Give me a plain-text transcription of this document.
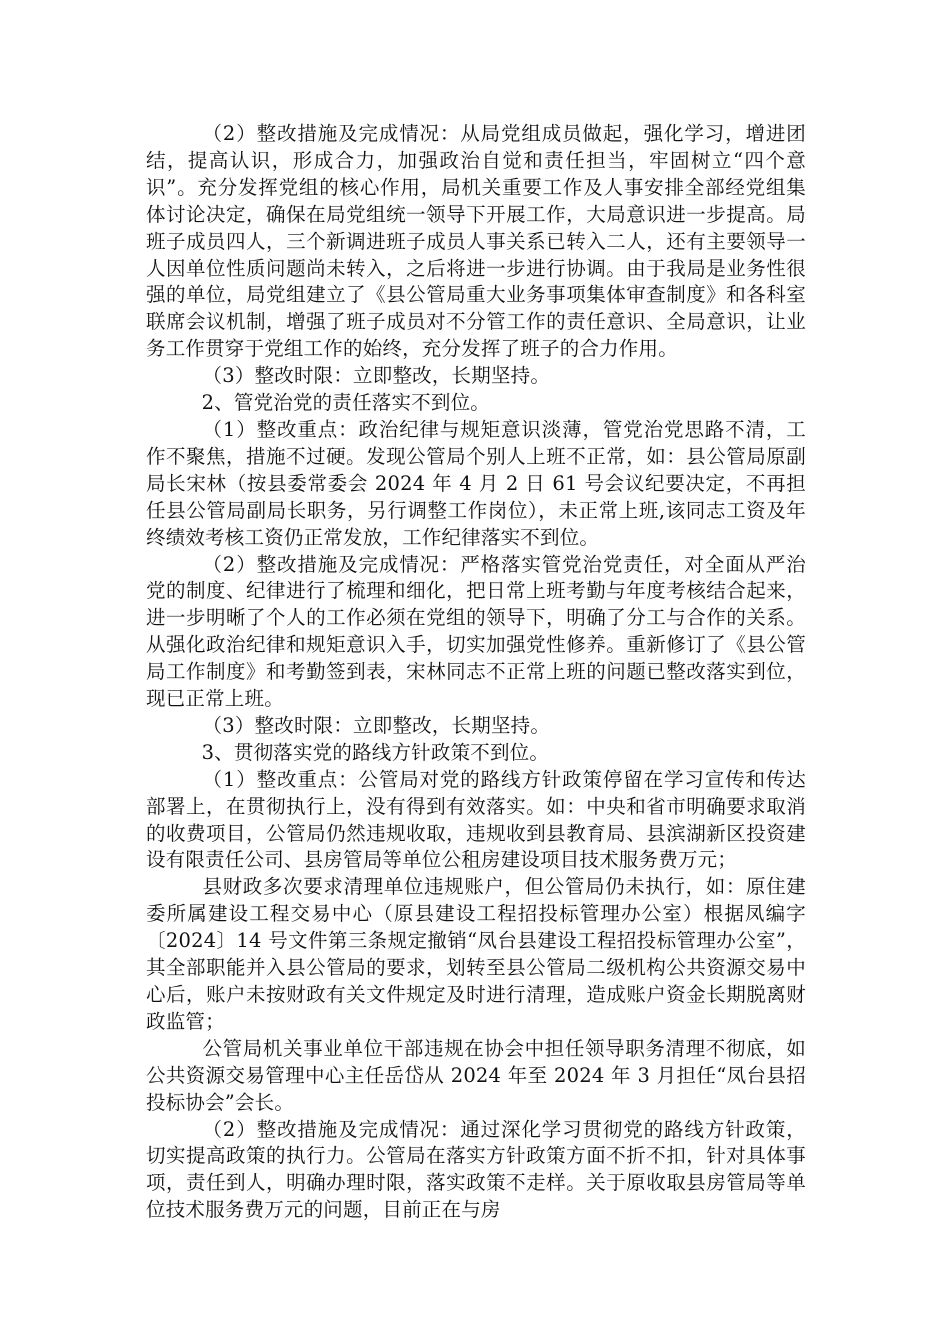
（2）整改措施及完成情况：从局党组成员做起，强化学习，增进团结，提高认识，形成合力，加强政治自觉和责任担当，牢固树立“四个意识”。充分发挥党组的核心作用，局机关重要工作及人事安排全部经党组集体讨论决定，确保在局党组统一领导下开展工作，大局意识进一步提高。局班子成员四人，三个新调进班子成员人事关系已转入二人，还有主要领导一人因单位性质问题尚未转入，之后将进一步进行协调。由于我局是业务性很强的单位，局党组建立了《县公管局重大业务事项集体审查制度》和各科室联席会议机制，增强了班子成员对不分管工作的责任意识、全局意识，让业务工作贯穿于党组工作的始终，充分发挥了班子的合力作用。

（3）整改时限：立即整改，长期坚持。

2、管党治党的责任落实不到位。

（1）整改重点：政治纪律与规矩意识淡薄，管党治党思路不清，工作不聚焦，措施不过硬。发现公管局个别人上班不正常，如：县公管局原副局长宋林（按县委常委会 2024 年 4 月 2 日 61 号会议纪要决定，不再担任县公管局副局长职务，另行调整工作岗位），未正常上班,该同志工资及年终绩效考核工资仍正常发放，工作纪律落实不到位。

（2）整改措施及完成情况：严格落实管党治党责任，对全面从严治党的制度、纪律进行了梳理和细化，把日常上班考勤与年度考核结合起来，进一步明晰了个人的工作必须在党组的领导下，明确了分工与合作的关系。从强化政治纪律和规矩意识入手，切实加强党性修养。重新修订了《县公管局工作制度》和考勤签到表，宋林同志不正常上班的问题已整改落实到位，现已正常上班。

（3）整改时限：立即整改，长期坚持。

3、贯彻落实党的路线方针政策不到位。

（1）整改重点：公管局对党的路线方针政策停留在学习宣传和传达部署上，在贯彻执行上，没有得到有效落实。如：中央和省市明确要求取消的收费项目，公管局仍然违规收取，违规收到县教育局、县滨湖新区投资建设有限责任公司、县房管局等单位公租房建设项目技术服务费万元；

县财政多次要求清理单位违规账户，但公管局仍未执行，如：原住建委所属建设工程交易中心（原县建设工程招投标管理办公室）根据凤编字〔2024〕14 号文件第三条规定撤销“凤台县建设工程招投标管理办公室”，其全部职能并入县公管局的要求，划转至县公管局二级机构公共资源交易中心后，账户未按财政有关文件规定及时进行清理，造成账户资金长期脱离财政监管；

公管局机关事业单位干部违规在协会中担任领导职务清理不彻底，如公共资源交易管理中心主任岳岱从 2024 年至 2024 年 3 月担任“凤台县招投标协会”会长。

（2）整改措施及完成情况：通过深化学习贯彻党的路线方针政策，切实提高政策的执行力。公管局在落实方针政策方面不折不扣，针对具体事项，责任到人，明确办理时限，落实政策不走样。关于原收取县房管局等单位技术服务费万元的问题，目前正在与房
